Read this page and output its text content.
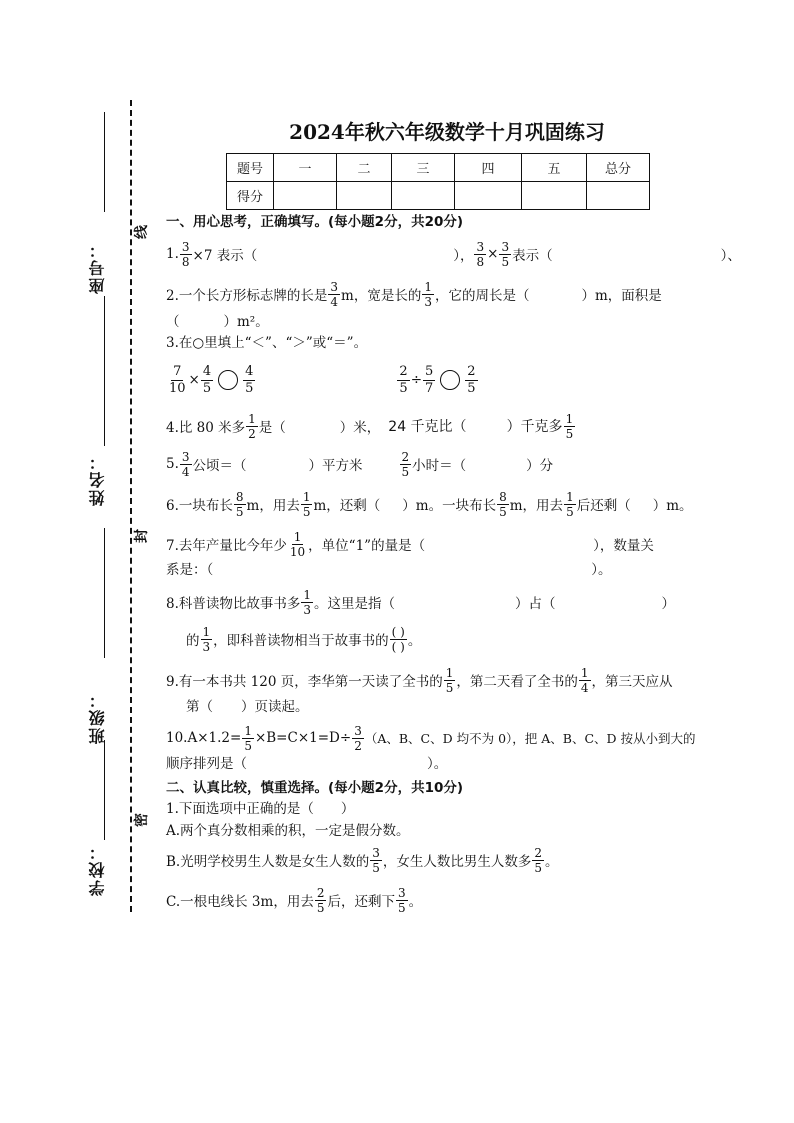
座号：
姓名：
班级：
学校：
线
封
密
2024年秋六年级数学十月巩固练习
题号	一	二	三	四	五	总分
得分						
一、用心思考，正确填写。(每小题2分，共20分)
1. $\frac{3}{8} \times 7$ 表示（	）， $\frac{3}{8} \times \frac{3}{5}$ 表示（	）、
2.一个长方形标志牌的长是 $\frac{3}{4}$ m，宽是长的 $\frac{1}{3}$ ，它的周长是（	）m，面积是
（	）m²。
3.在○里填上“＜”、“＞”或“＝”。
$\frac{7}{10} \times \frac{4}{5} \frac{4}{5}$	$\frac{2}{5} \div \frac{5}{7} \frac{2}{5}$
4.比 80 米多 $\frac{1}{2}$ 是（	）米， 24 千克比（	）千克多 $\frac{1}{5}$
5. $\frac{3}{4}$ 公顷＝（	）平方米	$\frac{2}{5}$ 小时＝（	）分
6.一块布长 $\frac{8}{5}$ m，用去 $\frac{1}{5}$ m，还剩（ ）m。一块布长 $\frac{8}{5}$ m，用去 $\frac{1}{5}$ 后还剩（ ）m。
7.去年产量比今年少 $\frac{1}{10}$ ，单位“1”的量是（	），数量关
系是：（	）。
8.科普读物比故事书多 $\frac{1}{3}$ 。这里是指（	）占（	）
的 $\frac{1}{3}$ ，即科普读物相当于故事书的 $\frac{( )}{( )}$ 。
9.有一本书共 120 页，李华第一天读了全书的 $\frac{1}{5}$ ，第二天看了全书的 $\frac{1}{4}$ ，第三天应从
第（ ）页读起。
$10.A\times 1.2= \frac{1}{5} \times B=C\times 1=D\div \frac{3}{2} (A$、B、C、D 均不为 0），把 A、B、C、D 按从小到大的
顺序排列是（	）。
二、认真比较，慎重选择。(每小题2分，共10分)
1.下面选项中正确的是（　　）
A.两个真分数相乘的积，一定是假分数。
B.光明学校男生人数是女生人数的 $\frac{3}{5}$ ，女生人数比男生人数多 $\frac{2}{5}$ 。
C.一根电线长 3m，用去 $\frac{2}{5}$ 后，还剩下 $\frac{3}{5}$ 。
